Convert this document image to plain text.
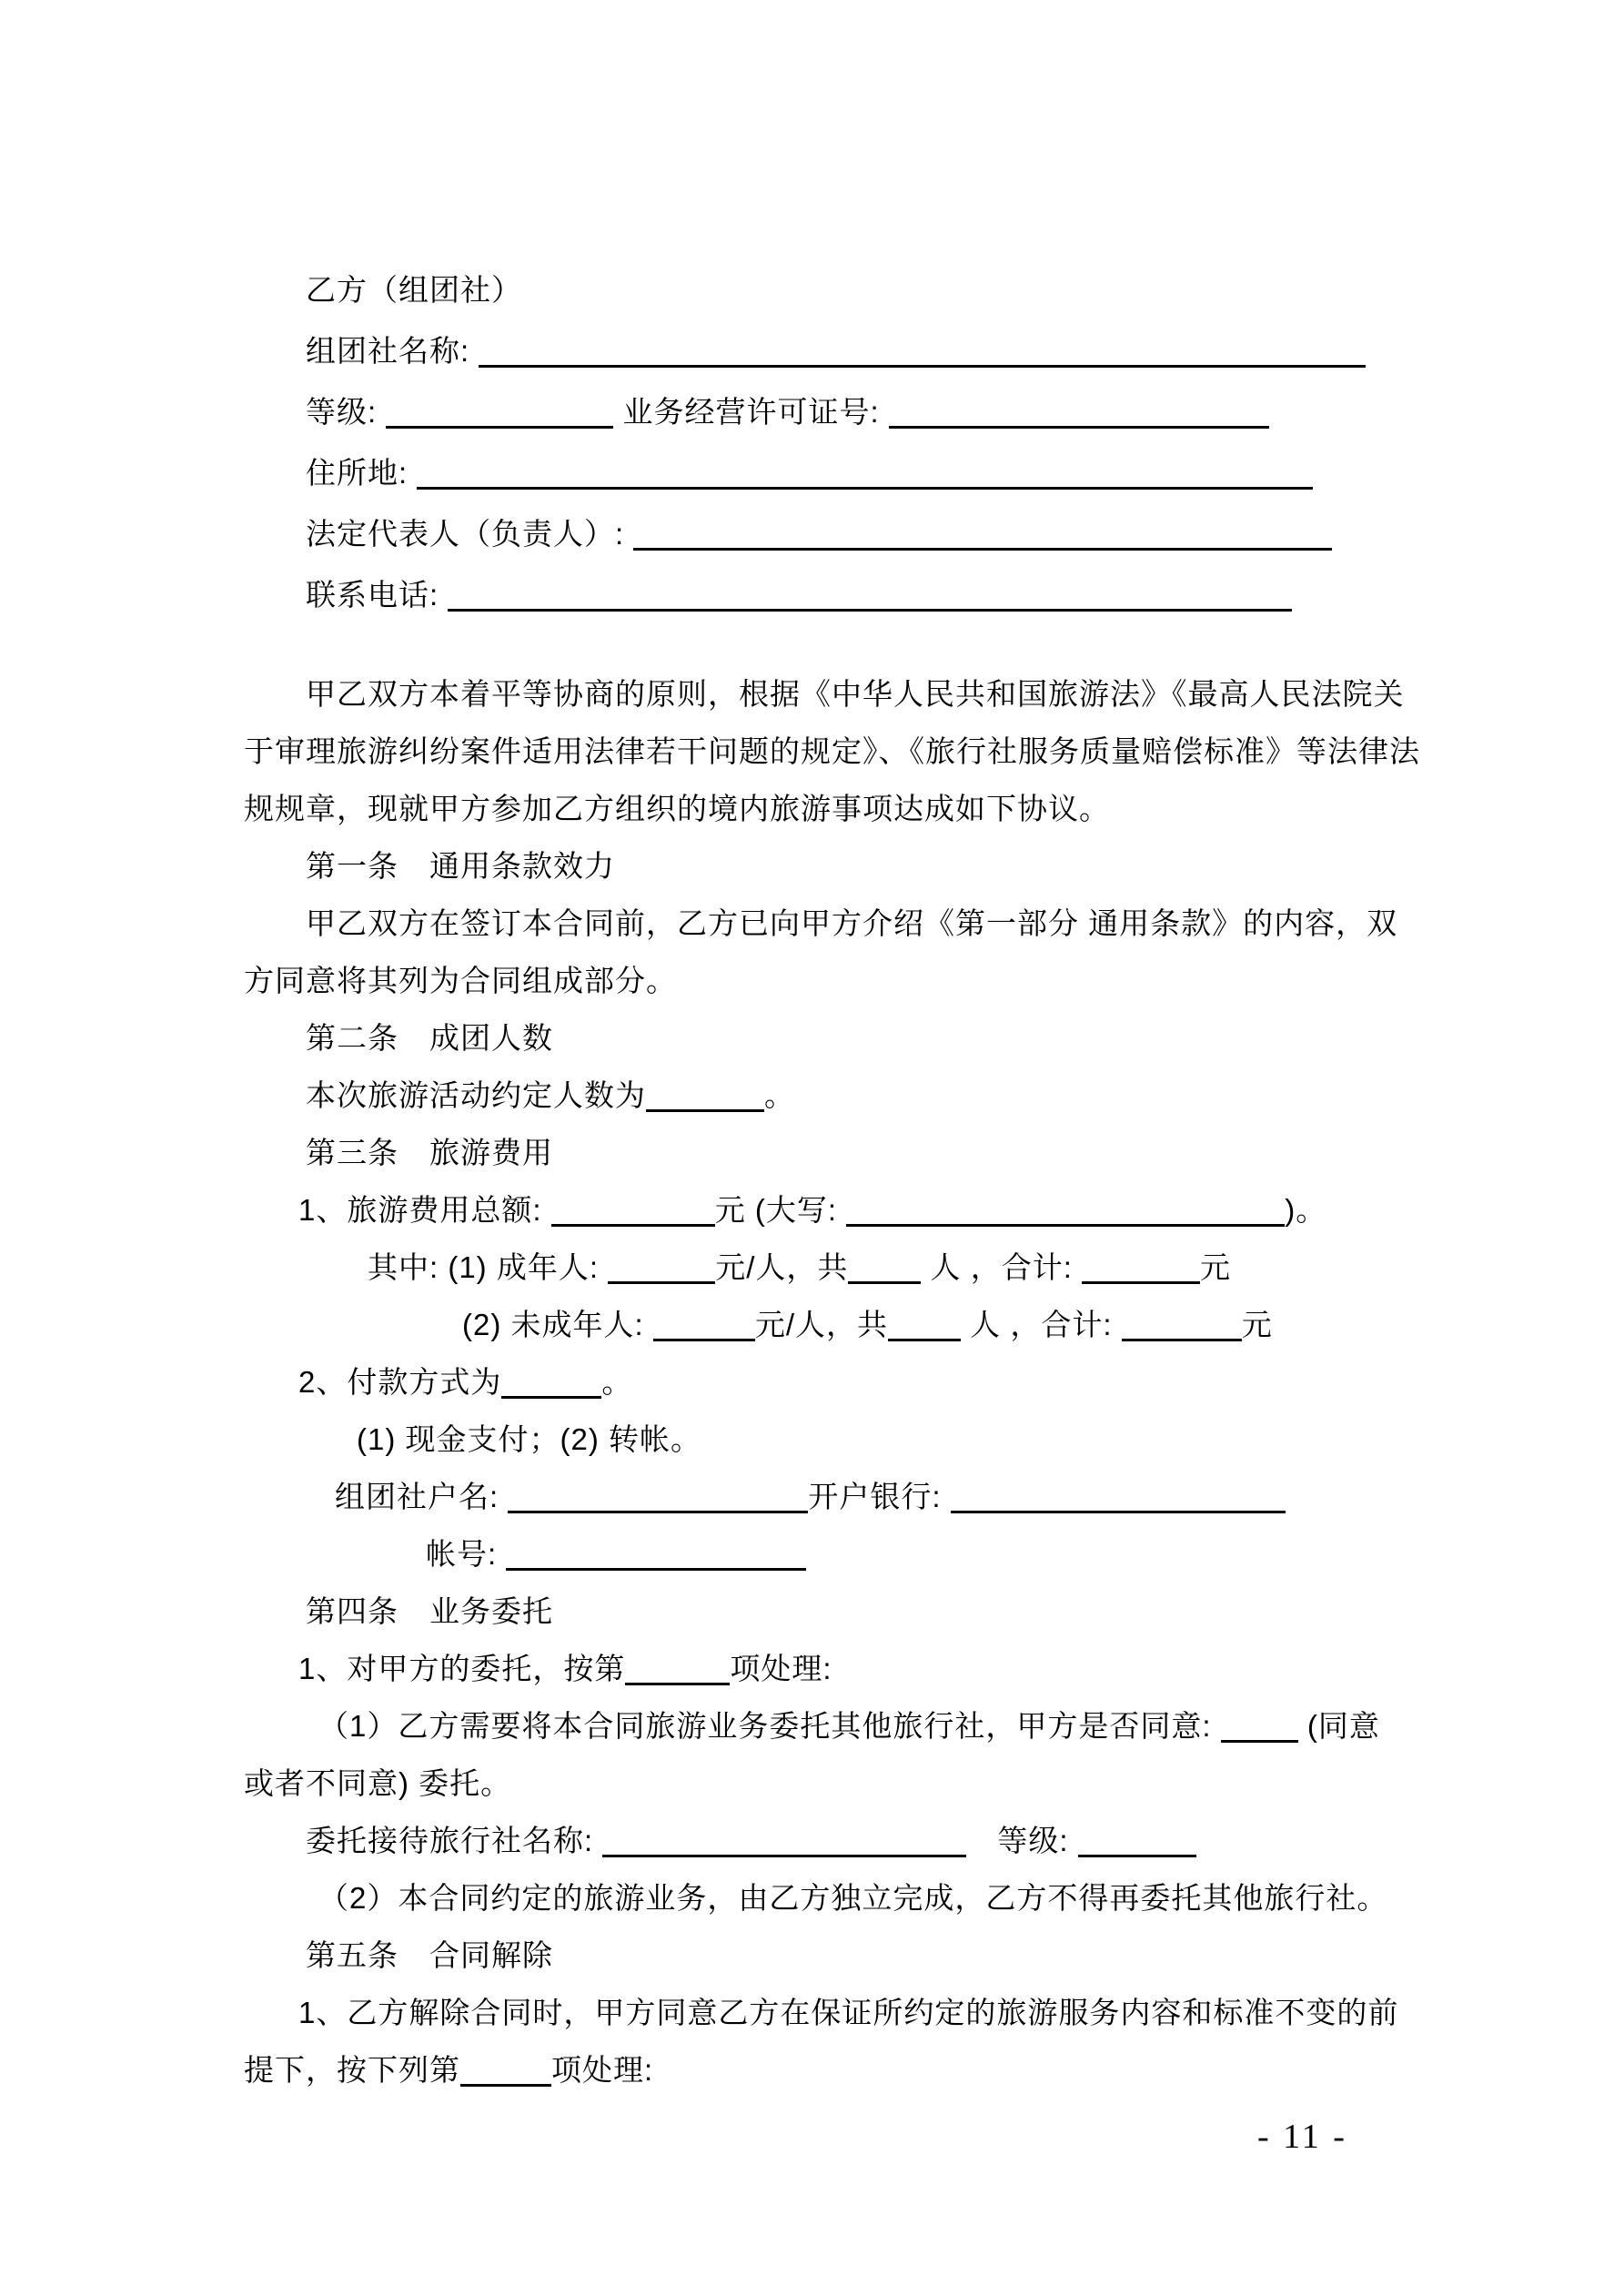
乙方（组团社）
组团社名称:
等级:	业务经营许可证号:
住所地:
法定代表人（负责人）:
联系电话:
甲乙双方本着平等协商的原则，根据《中华人民共和国旅游法》《最高人民法院关
于审理旅游纠纷案件适用法律若干问题的规定》、《旅行社服务质量赔偿标准》等法律法
规规章，现就甲方参加乙方组织的境内旅游事项达成如下协议。
第一条　通用条款效力
甲乙双方在签订本合同前，乙方已向甲方介绍《第一部分 通用条款》的内容，双
方同意将其列为合同组成部分。
第二条　成团人数
本次旅游活动约定人数为	。
第三条　旅游费用
1、旅游费用总额:	元 (大写:	)。
其中: (1) 成年人:	元/人，共 人 ，合计:	元
(2) 未成年人:	元/人，共 人 ，合计:	元
2、付款方式为	。
(1) 现金支付；(2) 转帐。
组团社户名:	开户银行:
帐号:
第四条　业务委托
1、对甲方的委托，按第	项处理:
（1）乙方需要将本合同旅游业务委托其他旅行社，甲方是否同意:	(同意
或者不同意) 委托。
委托接待旅行社名称:	　等级:
（2）本合同约定的旅游业务，由乙方独立完成，乙方不得再委托其他旅行社。
第五条　合同解除
1、乙方解除合同时，甲方同意乙方在保证所约定的旅游服务内容和标准不变的前
提下，按下列第	项处理:
- 11 -
